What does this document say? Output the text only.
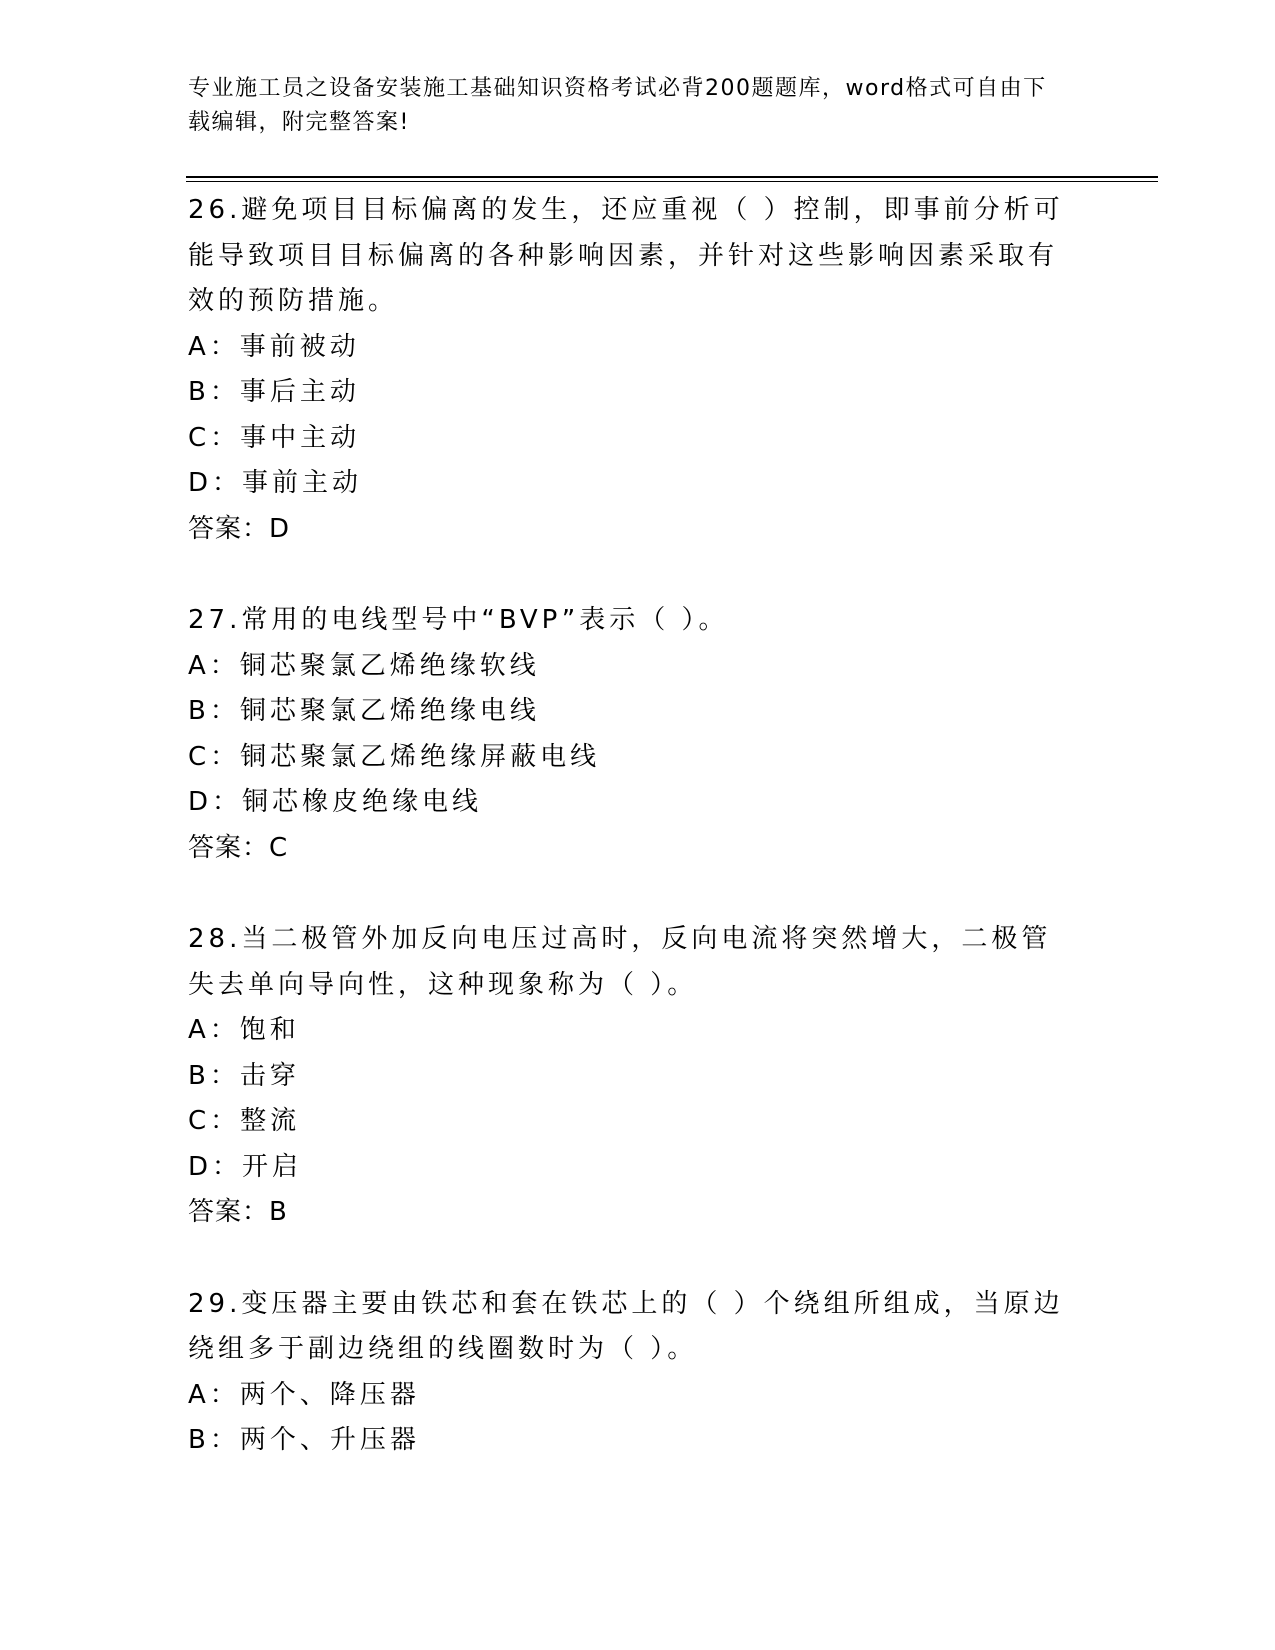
专业施工员之设备安装施工基础知识资格考试必背200题题库，word格式可自由下载编辑，附完整答案!

26.避免项目目标偏离的发生，还应重视（ ）控制，即事前分析可能导致项目目标偏离的各种影响因素，并针对这些影响因素采取有效的预防措施。

A：事前被动

B：事后主动

C：事中主动

D：事前主动

答案：D

27.常用的电线型号中“BVP”表示（ ）。

A：铜芯聚氯乙烯绝缘软线

B：铜芯聚氯乙烯绝缘电线

C：铜芯聚氯乙烯绝缘屏蔽电线

D：铜芯橡皮绝缘电线

答案：C

28.当二极管外加反向电压过高时，反向电流将突然增大，二极管失去单向导向性，这种现象称为（ ）。

A：饱和

B：击穿

C：整流

D：开启

答案：B

29.变压器主要由铁芯和套在铁芯上的（ ）个绕组所组成，当原边绕组多于副边绕组的线圈数时为（ ）。

A：两个、降压器

B：两个、升压器
